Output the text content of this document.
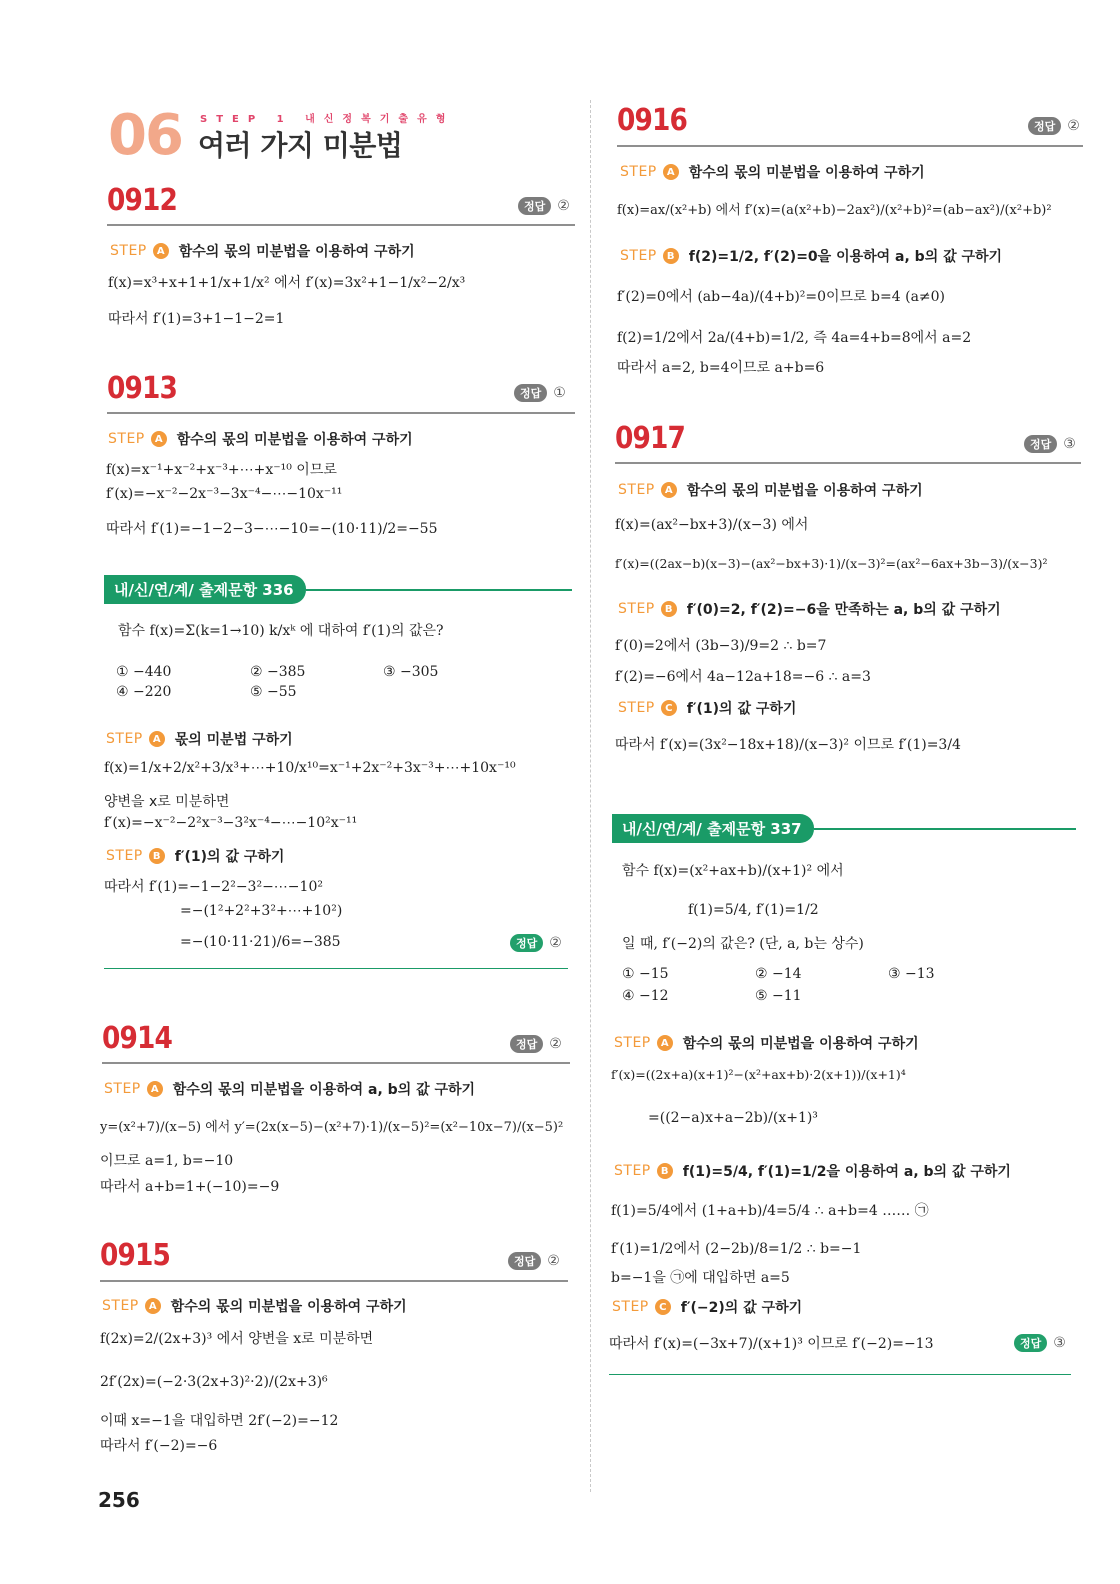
06 STEP 1 내신정복기출유형
여러 가지 미분법
0912	정답 ②
STEP	A 함수의 몫의 미분법을 이용하여 구하기
f(x)=x³+x+1+1/x+1/x² 에서 f′(x)=3x²+1−1/x²−2/x³
따라서 f′(1)=3+1−1−2=1
0913	정답 ①
STEP	A 함수의 몫의 미분법을 이용하여 구하기
f(x)=x⁻¹+x⁻²+x⁻³+⋯+x⁻¹⁰ 이므로
f′(x)=−x⁻²−2x⁻³−3x⁻⁴−⋯−10x⁻¹¹
따라서 f′(1)=−1−2−3−⋯−10=−(10·11)/2=−55
내/신/연/계/ 출제문항 336
함수 f(x)=Σ(k=1→10) k/xᵏ 에 대하여 f′(1)의 값은?
① −440	② −385	③ −305
④ −220	⑤ −55
STEP	A 몫의 미분법 구하기
f(x)=1/x+2/x²+3/x³+⋯+10/x¹⁰=x⁻¹+2x⁻²+3x⁻³+⋯+10x⁻¹⁰
양변을 x로 미분하면
f′(x)=−x⁻²−2²x⁻³−3²x⁻⁴−⋯−10²x⁻¹¹
STEP	B f′(1)의 값 구하기
따라서 f′(1)=−1−2²−3²−⋯−10²
=−(1²+2²+3²+⋯+10²)
=−(10·11·21)/6=−385	정답 ②
0914	정답 ②
STEP	A 함수의 몫의 미분법을 이용하여 a, b의 값 구하기
y=(x²+7)/(x−5) 에서 y′=(2x(x−5)−(x²+7)·1)/(x−5)²=(x²−10x−7)/(x−5)²
이므로 a=1, b=−10
따라서 a+b=1+(−10)=−9
0915	정답 ②
STEP	A 함수의 몫의 미분법을 이용하여 구하기
f(2x)=2/(2x+3)³ 에서 양변을 x로 미분하면
2f′(2x)=(−2·3(2x+3)²·2)/(2x+3)⁶
이때 x=−1을 대입하면 2f′(−2)=−12
따라서 f′(−2)=−6
256
0916	정답 ②
STEP	A 함수의 몫의 미분법을 이용하여 구하기
f(x)=ax/(x²+b) 에서 f′(x)=(a(x²+b)−2ax²)/(x²+b)²=(ab−ax²)/(x²+b)²
STEP	B f(2)=1/2, f′(2)=0을 이용하여 a, b의 값 구하기
f′(2)=0에서 (ab−4a)/(4+b)²=0이므로 b=4 (a≠0)
f(2)=1/2에서 2a/(4+b)=1/2, 즉 4a=4+b=8에서 a=2
따라서 a=2, b=4이므로 a+b=6
0917	정답 ③
STEP	A 함수의 몫의 미분법을 이용하여 구하기
f(x)=(ax²−bx+3)/(x−3) 에서
f′(x)=((2ax−b)(x−3)−(ax²−bx+3)·1)/(x−3)²=(ax²−6ax+3b−3)/(x−3)²
STEP	B f′(0)=2, f′(2)=−6을 만족하는 a, b의 값 구하기
f′(0)=2에서 (3b−3)/9=2 ∴ b=7
f′(2)=−6에서 4a−12a+18=−6 ∴ a=3
STEP	C	f′(1)의 값 구하기
따라서 f′(x)=(3x²−18x+18)/(x−3)² 이므로 f′(1)=3/4
내/신/연/계/ 출제문항 337
함수 f(x)=(x²+ax+b)/(x+1)² 에서
f(1)=5/4, f′(1)=1/2
일 때, f′(−2)의 값은? (단, a, b는 상수)
① −15	② −14	③ −13
④ −12	⑤ −11
STEP	A 함수의 몫의 미분법을 이용하여 구하기
f′(x)=((2x+a)(x+1)²−(x²+ax+b)·2(x+1))/(x+1)⁴
=((2−a)x+a−2b)/(x+1)³
STEP	B f(1)=5/4, f′(1)=1/2을 이용하여 a, b의 값 구하기
f(1)=5/4에서 (1+a+b)/4=5/4 ∴ a+b=4 …… ㉠
f′(1)=1/2에서 (2−2b)/8=1/2 ∴ b=−1
b=−1을 ㉠에 대입하면 a=5
STEP	C	f′(−2)의 값 구하기
따라서 f′(x)=(−3x+7)/(x+1)³ 이므로 f′(−2)=−13	정답 ③
